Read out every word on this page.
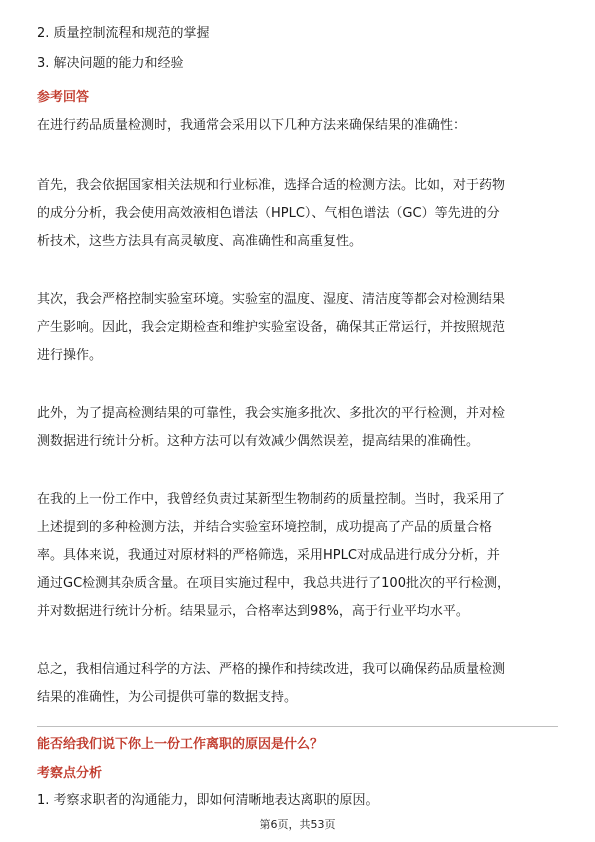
2. 质量控制流程和规范的掌握
3. 解决问题的能力和经验
参考回答
在进行药品质量检测时，我通常会采用以下几种方法来确保结果的准确性：
首先，我会依据国家相关法规和行业标准，选择合适的检测方法。比如，对于药物
的成分分析，我会使用高效液相色谱法（HPLC）、气相色谱法（GC）等先进的分
析技术，这些方法具有高灵敏度、高准确性和高重复性。
其次，我会严格控制实验室环境。实验室的温度、湿度、清洁度等都会对检测结果
产生影响。因此，我会定期检查和维护实验室设备，确保其正常运行，并按照规范
进行操作。
此外，为了提高检测结果的可靠性，我会实施多批次、多批次的平行检测，并对检
测数据进行统计分析。这种方法可以有效减少偶然误差，提高结果的准确性。
在我的上一份工作中，我曾经负责过某新型生物制药的质量控制。当时，我采用了
上述提到的多种检测方法，并结合实验室环境控制，成功提高了产品的质量合格
率。具体来说，我通过对原材料的严格筛选，采用HPLC对成品进行成分分析，并
通过GC检测其杂质含量。在项目实施过程中，我总共进行了100批次的平行检测，
并对数据进行统计分析。结果显示，合格率达到98%，高于行业平均水平。
总之，我相信通过科学的方法、严格的操作和持续改进，我可以确保药品质量检测
结果的准确性，为公司提供可靠的数据支持。
能否给我们说下你上一份工作离职的原因是什么？
考察点分析
1. 考察求职者的沟通能力，即如何清晰地表达离职的原因。
第6页，共53页
